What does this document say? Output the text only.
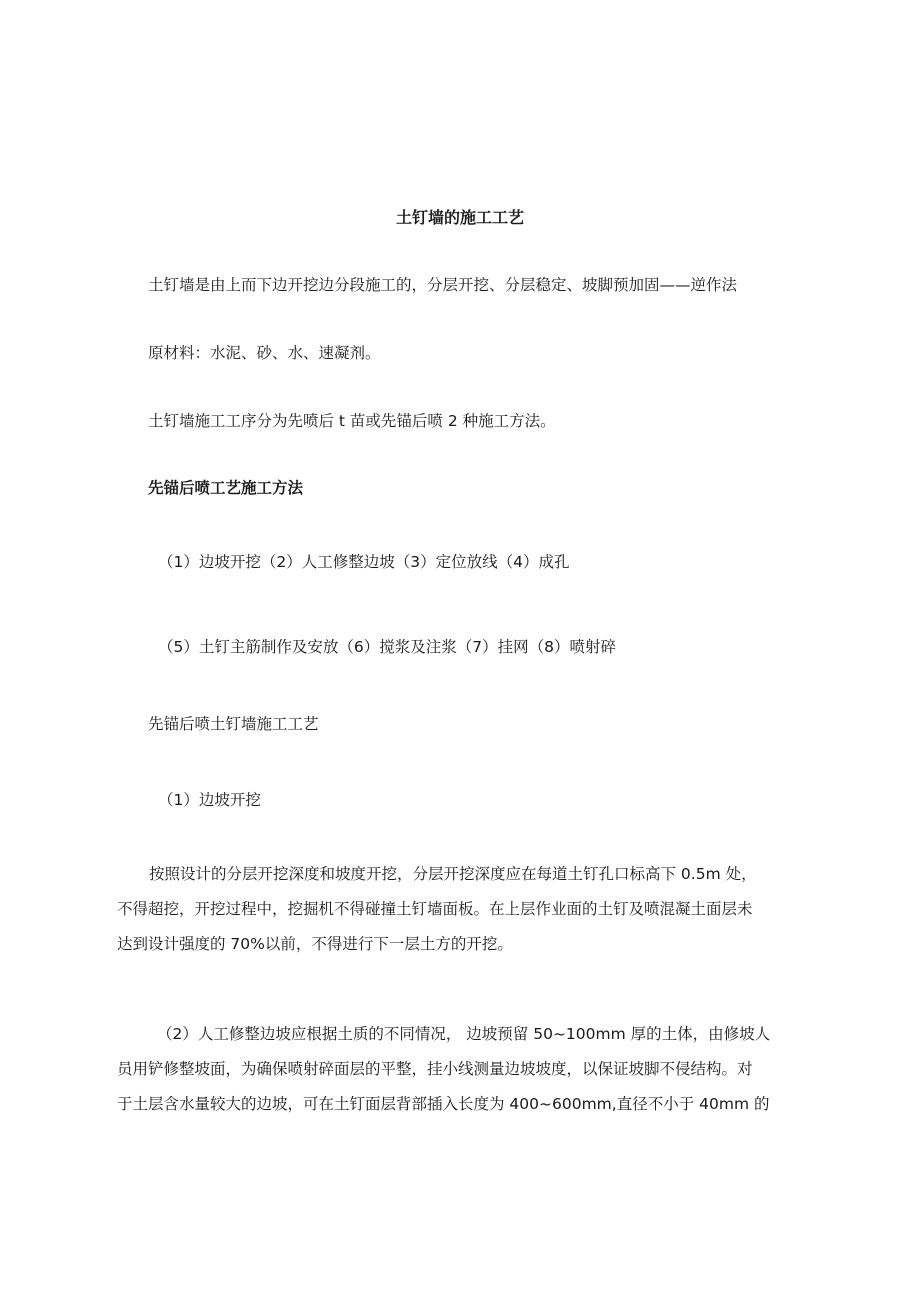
土钉墙的施工工艺
土钉墙是由上而下边开挖边分段施工的，分层开挖、分层稳定、坡脚预加固——逆作法
原材料：水泥、砂、水、速凝剂。
土钉墙施工工序分为先喷后 t 苗或先锚后喷 2 种施工方法。
先锚后喷工艺施工方法
（1）边坡开挖（2）人工修整边坡（3）定位放线（4）成孔
（5）土钉主筋制作及安放（6）搅浆及注浆（7）挂网（8）喷射碎
先锚后喷土钉墙施工工艺
（1）边坡开挖
按照设计的分层开挖深度和坡度开挖，分层开挖深度应在每道土钉孔口标高下 0.5m 处，
不得超挖，开挖过程中，挖掘机不得碰撞土钉墙面板。在上层作业面的土钉及喷混凝土面层未
达到设计强度的 70%以前，不得进行下一层土方的开挖。
（2）人工修整边坡应根据土质的不同情况， 边坡预留 50~100mm 厚的土体，由修坡人
员用铲修整坡面，为确保喷射碎面层的平整，挂小线测量边坡坡度，以保证坡脚不侵结构。对
于土层含水量较大的边坡，可在土钉面层背部插入长度为 400~600mm,直径不小于 40mm 的
